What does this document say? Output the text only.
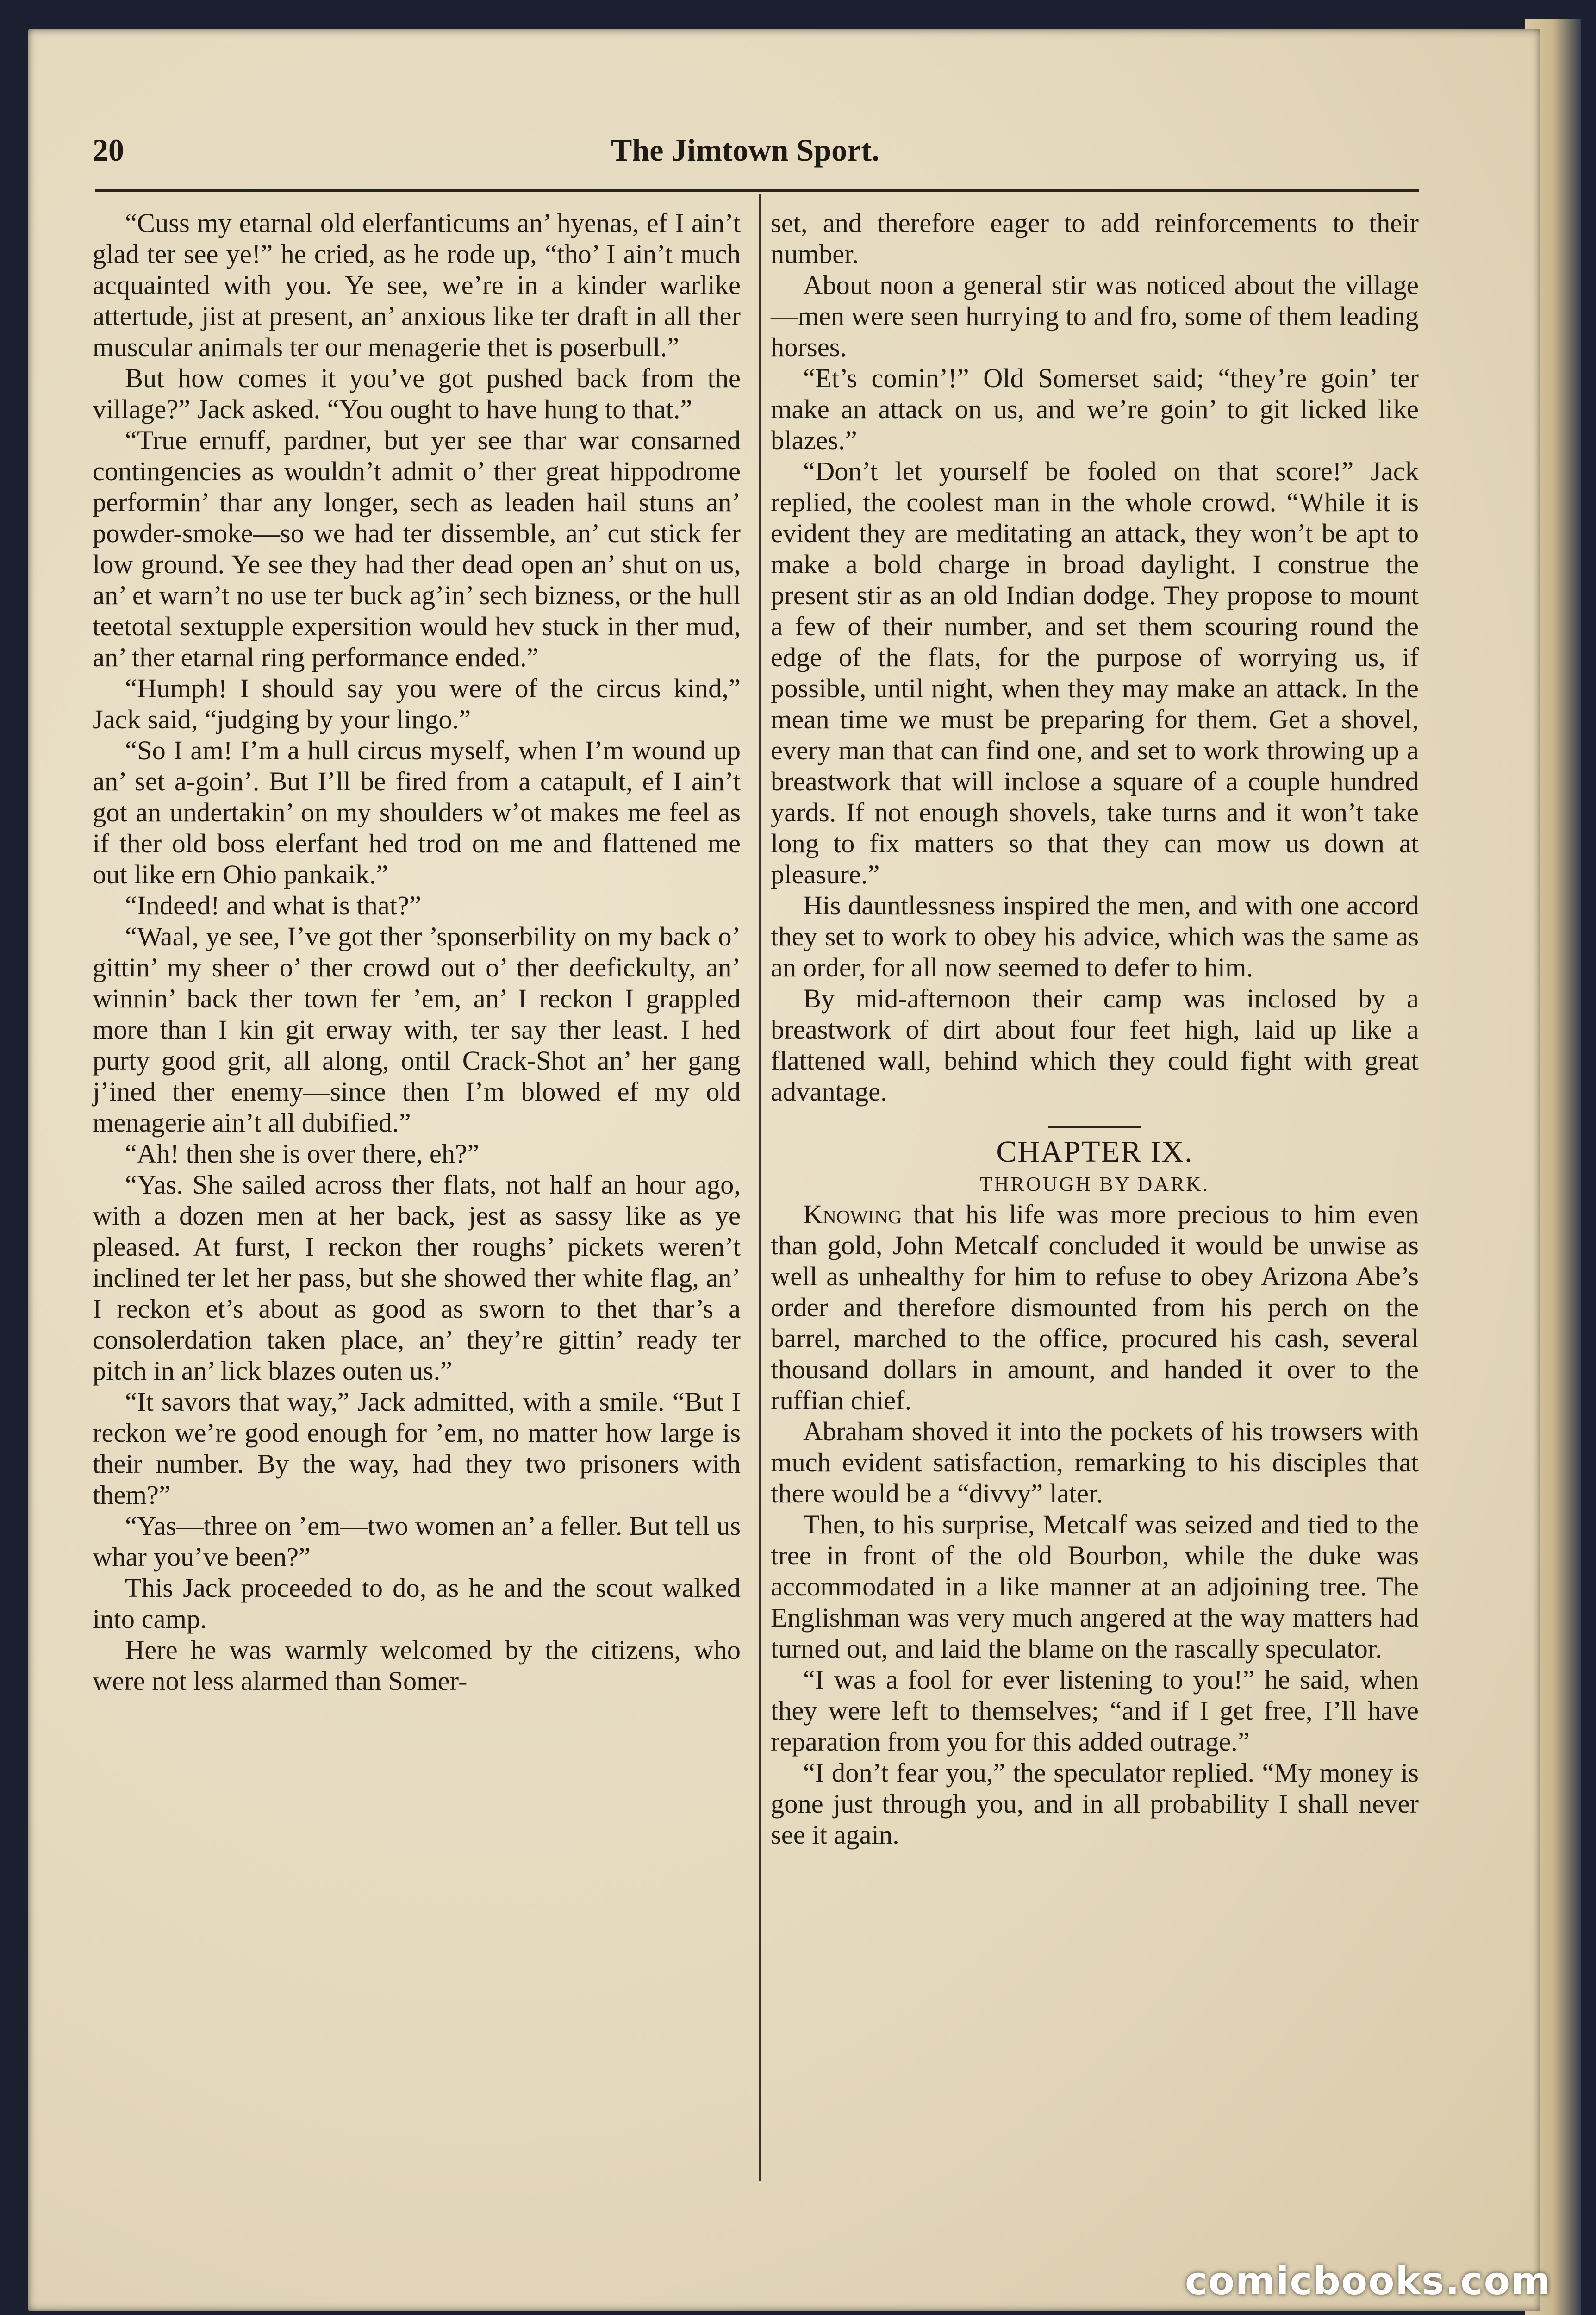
20	The Jimtown Sport.

“Cuss my etarnal old elerfanticums an’ hyenas, ef I ain’t glad ter see ye!” he cried, as he rode up, “tho’ I ain’t much acquainted with you. Ye see, we’re in a kinder warlike attertude, jist at present, an’ anxious like ter draft in all ther muscular animals ter our menagerie thet is poserbull.”

But how comes it you’ve got pushed back from the village?” Jack asked. “You ought to have hung to that.”

“True ernuff, pardner, but yer see thar war consarned contingencies as wouldn’t admit o’ ther great hippodrome performin’ thar any longer, sech as leaden hail stuns an’ powder-smoke—so we had ter dissemble, an’ cut stick fer low ground. Ye see they had ther dead open an’ shut on us, an’ et warn’t no use ter buck ag’in’ sech bizness, or the hull teetotal sextupple expersition would hev stuck in ther mud, an’ ther etarnal ring performance ended.”

“Humph! I should say you were of the circus kind,” Jack said, “judging by your lingo.”

“So I am! I’m a hull circus myself, when I’m wound up an’ set a-goin’. But I’ll be fired from a catapult, ef I ain’t got an undertakin’ on my shoulders w’ot makes me feel as if ther old boss elerfant hed trod on me and flattened me out like ern Ohio pankaik.”

“Indeed! and what is that?”

“Waal, ye see, I’ve got ther ’sponserbility on my back o’ gittin’ my sheer o’ ther crowd out o’ ther deefickulty, an’ winnin’ back ther town fer ’em, an’ I reckon I grappled more than I kin git erway with, ter say ther least. I hed purty good grit, all along, ontil Crack-Shot an’ her gang j’ined ther enemy—since then I’m blowed ef my old menagerie ain’t all dubified.”

“Ah! then she is over there, eh?”

“Yas. She sailed across ther flats, not half an hour ago, with a dozen men at her back, jest as sassy like as ye pleased. At furst, I reckon ther roughs’ pickets weren’t inclined ter let her pass, but she showed ther white flag, an’ I reckon et’s about as good as sworn to thet thar’s a consolerdation taken place, an’ they’re gittin’ ready ter pitch in an’ lick blazes outen us.”

“It savors that way,” Jack admitted, with a smile. “But I reckon we’re good enough for ’em, no matter how large is their number. By the way, had they two prisoners with them?”

“Yas—three on ’em—two women an’ a feller. But tell us whar you’ve been?”

This Jack proceeded to do, as he and the scout walked into camp.

Here he was warmly welcomed by the citizens, who were not less alarmed than Somer-

set, and therefore eager to add reinforcements to their number.

About noon a general stir was noticed about the village—men were seen hurrying to and fro, some of them leading horses.

“Et’s comin’!” Old Somerset said; “they’re goin’ ter make an attack on us, and we’re goin’ to git licked like blazes.”

“Don’t let yourself be fooled on that score!” Jack replied, the coolest man in the whole crowd. “While it is evident they are meditating an attack, they won’t be apt to make a bold charge in broad daylight. I construe the present stir as an old Indian dodge. They propose to mount a few of their number, and set them scouring round the edge of the flats, for the purpose of worrying us, if possible, until night, when they may make an attack. In the mean time we must be preparing for them. Get a shovel, every man that can find one, and set to work throwing up a breastwork that will inclose a square of a couple hundred yards. If not enough shovels, take turns and it won’t take long to fix matters so that they can mow us down at pleasure.”

His dauntlessness inspired the men, and with one accord they set to work to obey his advice, which was the same as an order, for all now seemed to defer to him.

By mid-afternoon their camp was inclosed by a breastwork of dirt about four feet high, laid up like a flattened wall, behind which they could fight with great advantage.

CHAPTER IX.

THROUGH BY DARK.

Knowing that his life was more precious to him even than gold, John Metcalf concluded it would be unwise as well as unhealthy for him to refuse to obey Arizona Abe’s order and therefore dismounted from his perch on the barrel, marched to the office, procured his cash, several thousand dollars in amount, and handed it over to the ruffian chief.

Abraham shoved it into the pockets of his trowsers with much evident satisfaction, remarking to his disciples that there would be a “divvy” later.

Then, to his surprise, Metcalf was seized and tied to the tree in front of the old Bourbon, while the duke was accommodated in a like manner at an adjoining tree. The Englishman was very much angered at the way matters had turned out, and laid the blame on the rascally speculator.

“I was a fool for ever listening to you!” he said, when they were left to themselves; “and if I get free, I’ll have reparation from you for this added outrage.”

“I don’t fear you,” the speculator replied. “My money is gone just through you, and in all probability I shall never see it again.

comicbooks.com
